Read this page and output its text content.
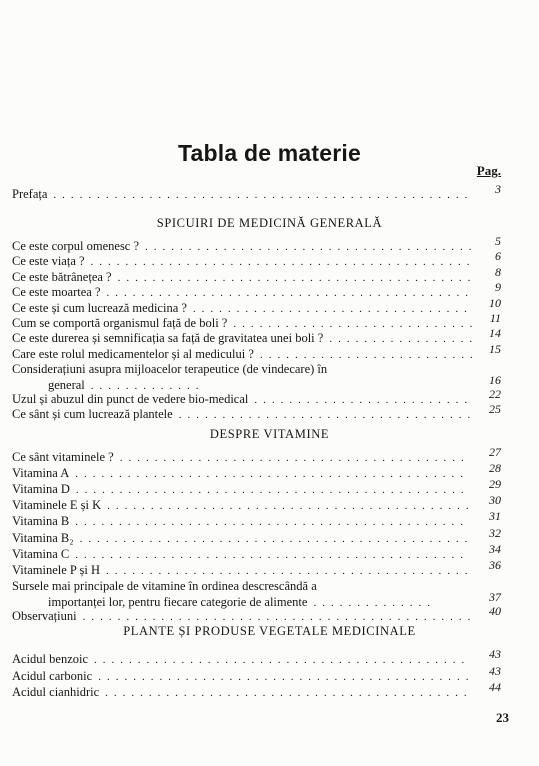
Tabla de materie
Pag.
Prefața ................................................	3
SPICUIRI DE MEDICINĂ GENERALĂ
Ce este corpul omenesc ? ......................................	5
Ce este viața ? ............................................	6
Ce este bătrânețea ? .........................................	8
Ce este moartea ? ..........................................	9
Ce este și cum lucrează medicina ? ................................	10
Cum se comportă organismul față de boli ? ............................ 11
Ce este durerea și semnificația sa față de gravitatea unei boli ? ................. 14
Care este rolul medicamentelor și al medicului ? ......................... 15
Considerațiuni asupra mijloacelor terapeutice (de vindecare) în
general .............	16
Uzul și abuzul din punct de vedere bio-medical .........................	22
Ce sânt și cum lucrează plantele ..................................	25
DESPRE VITAMINE
Ce sânt vitaminele ? ........................................	27
Vitamina A .............................................	28
Vitamina D .............................................	29
Vitaminele E și K ..........................................	30
Vitamina B .............................................	31
Vitamina B₂ .............................................	32
Vitamina C .............................................	34
Vitaminele P și H ..........................................	36
Sursele mai principale de vitamine în ordinea descrescândă a
importanței lor, pentru fiecare categorie de alimente ..............	37
Observațiuni .............................................	40
PLANTE ȘI PRODUSE VEGETALE MEDICINALE
Acidul benzoic ...........................................	43
Acidul carbonic ...........................................	43
Acidul cianhidric ..........................................	44
23
